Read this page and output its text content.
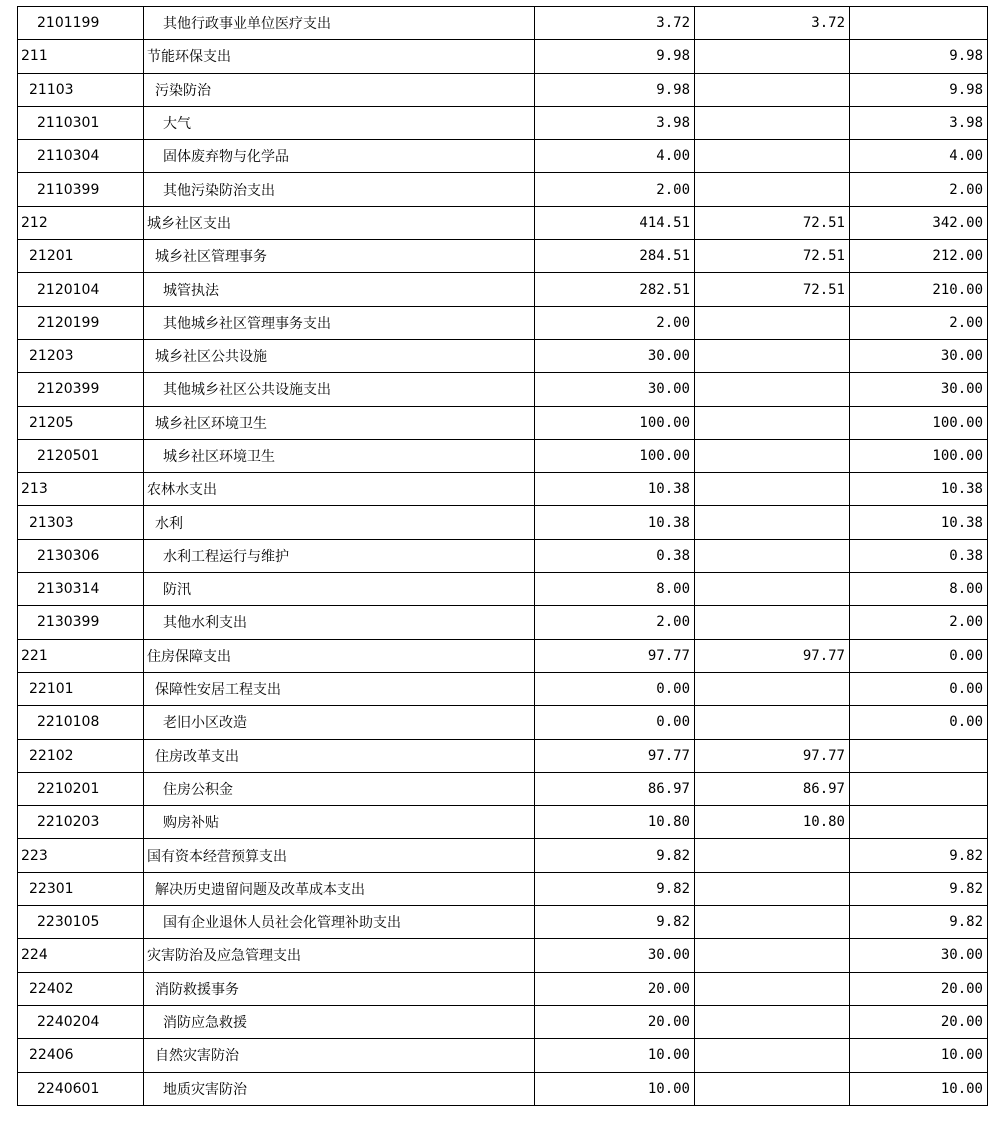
2101199	其他行政事业单位医疗支出	3.72	3.72	
211	节能环保支出	9.98		9.98
21103	污染防治	9.98		9.98
2110301	大气	3.98		3.98
2110304	固体废弃物与化学品	4.00		4.00
2110399	其他污染防治支出	2.00		2.00
212	城乡社区支出	414.51	72.51	342.00
21201	城乡社区管理事务	284.51	72.51	212.00
2120104	城管执法	282.51	72.51	210.00
2120199	其他城乡社区管理事务支出	2.00		2.00
21203	城乡社区公共设施	30.00		30.00
2120399	其他城乡社区公共设施支出	30.00		30.00
21205	城乡社区环境卫生	100.00		100.00
2120501	城乡社区环境卫生	100.00		100.00
213	农林水支出	10.38		10.38
21303	水利	10.38		10.38
2130306	水利工程运行与维护	0.38		0.38
2130314	防汛	8.00		8.00
2130399	其他水利支出	2.00		2.00
221	住房保障支出	97.77	97.77	0.00
22101	保障性安居工程支出	0.00		0.00
2210108	老旧小区改造	0.00		0.00
22102	住房改革支出	97.77	97.77	
2210201	住房公积金	86.97	86.97	
2210203	购房补贴	10.80	10.80	
223	国有资本经营预算支出	9.82		9.82
22301	解决历史遗留问题及改革成本支出	9.82		9.82
2230105	国有企业退休人员社会化管理补助支出	9.82		9.82
224	灾害防治及应急管理支出	30.00		30.00
22402	消防救援事务	20.00		20.00
2240204	消防应急救援	20.00		20.00
22406	自然灾害防治	10.00		10.00
2240601	地质灾害防治	10.00		10.00
